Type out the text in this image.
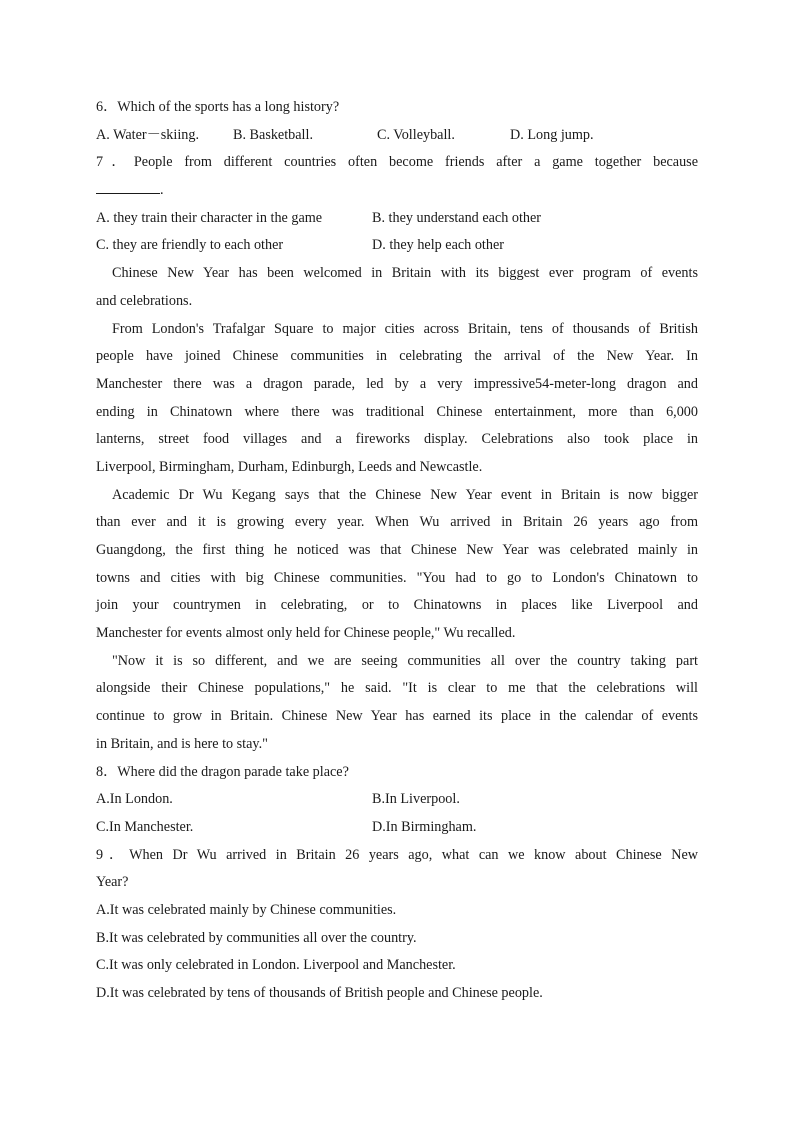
6．Which of the sports has a long history?
A. Water－skiing. B. Basketball.	C. Volleyball.	D. Long jump.
7．People from different countries often become friends after a game together because
.
A. they train their character in the game	B. they understand each other
C. they are friendly to each other	D. they help each other
Chinese New Year has been welcomed in Britain with its biggest ever program of events
and celebrations.
From London's Trafalgar Square to major cities across Britain, tens of thousands of British
people have joined Chinese communities in celebrating the arrival of the New Year. In
Manchester there was a dragon parade, led by a very impressive54-meter-long dragon and
ending in Chinatown where there was traditional Chinese entertainment, more than 6,000
lanterns, street food villages and a fireworks display. Celebrations also took place in
Liverpool, Birmingham, Durham, Edinburgh, Leeds and Newcastle.
Academic Dr Wu Kegang says that the Chinese New Year event in Britain is now bigger
than ever and it is growing every year. When Wu arrived in Britain 26 years ago from
Guangdong, the first thing he noticed was that Chinese New Year was celebrated mainly in
towns and cities with big Chinese communities. "You had to go to London's Chinatown to
join your countrymen in celebrating, or to Chinatowns in places like Liverpool and
Manchester for events almost only held for Chinese people," Wu recalled.
"Now it is so different, and we are seeing communities all over the country taking part
alongside their Chinese populations," he said. "It is clear to me that the celebrations will
continue to grow in Britain. Chinese New Year has earned its place in the calendar of events
in Britain, and is here to stay."
8．Where did the dragon parade take place?
A.In London.	B.In Liverpool.
C.In Manchester.	D.In Birmingham.
9．When Dr Wu arrived in Britain 26 years ago, what can we know about Chinese New
Year?
A.It was celebrated mainly by Chinese communities.
B.It was celebrated by communities all over the country.
C.It was only celebrated in London. Liverpool and Manchester.
D.It was celebrated by tens of thousands of British people and Chinese people.
